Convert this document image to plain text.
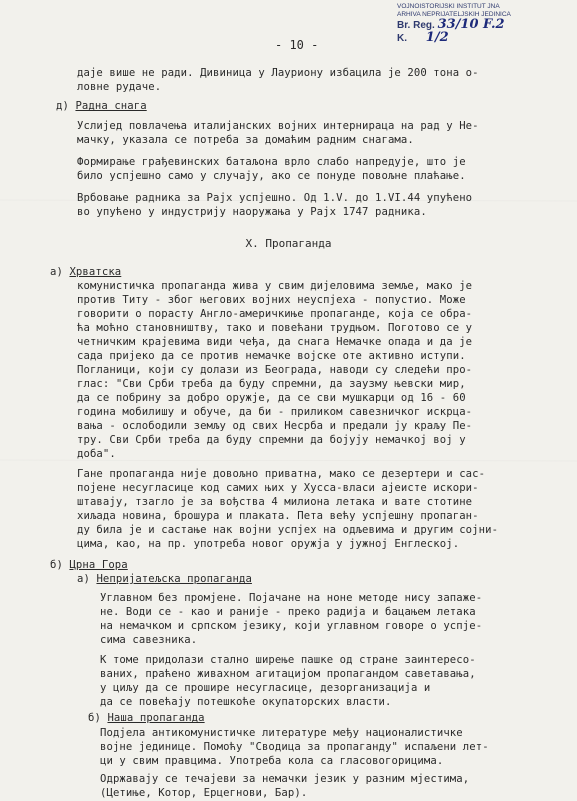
VOJNOISTORIJSKI INSTITUT JNA
ARHIVA NEPRIJATELJSKIH JEDINICA
Br. Reg. 33/10 F.2
K. 1/2
- 10 -
даје више не ради. Дивиница у Лауриону избацила је 200 тона о-
ловне рудаче.
д) Радна снага
Услијед повлачења италијанских војних интернираца на рад у Не-
мачку, указала се потреба за домаћим радним снагама.
Формирање грађевинских батаљона врло слабо напредује, што је
било успјешно само у случају, ако се понуде повољне плаћање.
Врбовање радника за Рајх успјешно. Од 1.V. до 1.VI.44 упућено
во упућено у индустрију наоружања у Рајх 1747 радника.
X. Пропаганда
а) Хрватска
комунистичка пропаганда жива у свим дијеловима земље, мако је
против Титу - због његових војних неуспјеха - попустио. Може
говорити о порасту Англо-америчкиње пропаганде, која се обра-
ћа моћно становништву, тако и повећани трудњом. Поготово се у
четничким крајевима види чеђа, да снага Немачке опада и да је
сада пријеко да се против немачке војске оте активно иступи.
Погланици, који су долази из Београда, наводи су следећи про-
глас: "Сви Срби треба да буду спремни, да заузму њевски мир,
да се побрину за добро оружје, да се сви мушкарци од 16 - 60
година мобилишу и обуче, да би - приликом савезничког искрца-
вања - ослободили земљу од свих Несрба и предали ју краљу Пе-
тру. Сви Срби треба да буду спремни да бојују немачкој вој у
доба".
Гане пропаганда није довољно приватна, мако се дезертери и сас-
појене несугласице код самих њих у Хусса-власи ајеисте искори-
штавају, тзагло је за вођства 4 милиона летака и ватe стотине
хиљада новина, брошура и плаката. Пета већу успјешну пропаган-
ду била је и састање нак војни успјех на одљевима и другим сојни-
цима, као, на пр. употреба новог оружја у јужној Енглеској.
б) Црна Гора
а) Непријатељска пропаганда
Углавном без промјене. Појачане на ноне методе нису запаже-
не. Води се - као и раније - преко радија и бацањем летака
на немачком и српском језику, који углавном говоре о успје-
сима савезника.
К томе придолази стално ширење пашке од стране заинтересо-
ваних, праћено живахном агитацијом пропагандом саветавања,
у циљу да се прошире несугласице, дезорганизација и
да се повећају потешкоће окупаторских власти.
б) Наша пропаганда
Подјела антикомунистичке литературе међу националистичке
војне јединице. Помоћу "Сводица за пропаганду" испаљени лет-
ци у свим правцима. Употреба кола са гласовогорицима.
Одржавају се течајеви за немачки језик у разним мјестима,
(Цетиње, Котор, Ерцегнови, Бар).
